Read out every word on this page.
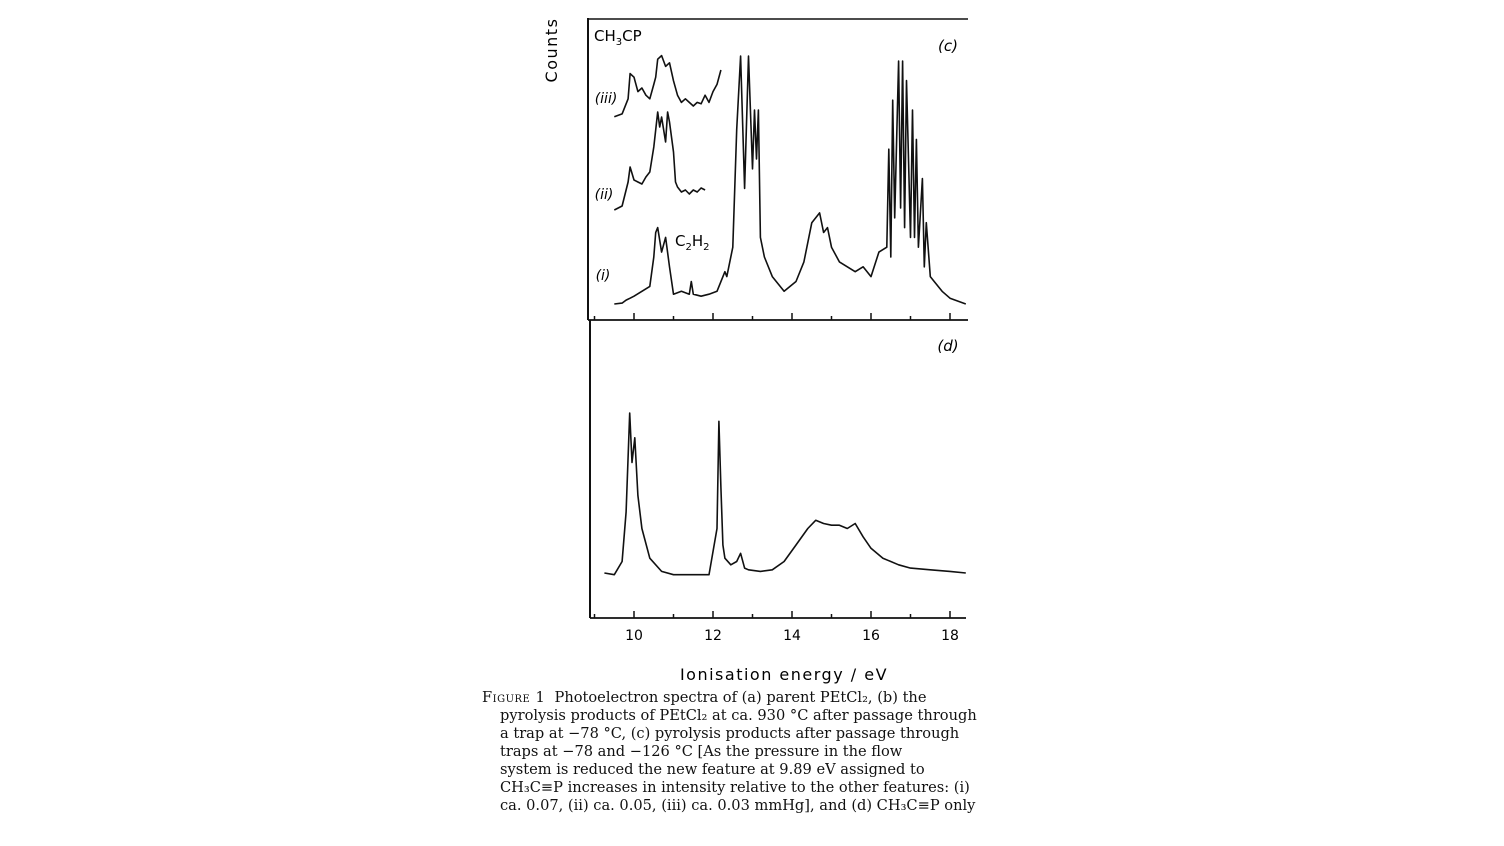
Counts
10	12	14	16	18
Ionisation energy / eV
(c)
(d)
(iii)
(ii)
(i)
$CH_3CP$
$C_2H_2$
Figure 1 Photoelectron spectra of (a) parent PEtCl₂, (b) the
pyrolysis products of PEtCl₂ at ca. 930 °C after passage through
a trap at −78 °C, (c) pyrolysis products after passage through
traps at −78 and −126 °C [As the pressure in the flow
system is reduced the new feature at 9.89 eV assigned to
CH₃C≡P increases in intensity relative to the other features: (i)
ca. 0.07, (ii) ca. 0.05, (iii) ca. 0.03 mmHg], and (d) CH₃C≡P only
